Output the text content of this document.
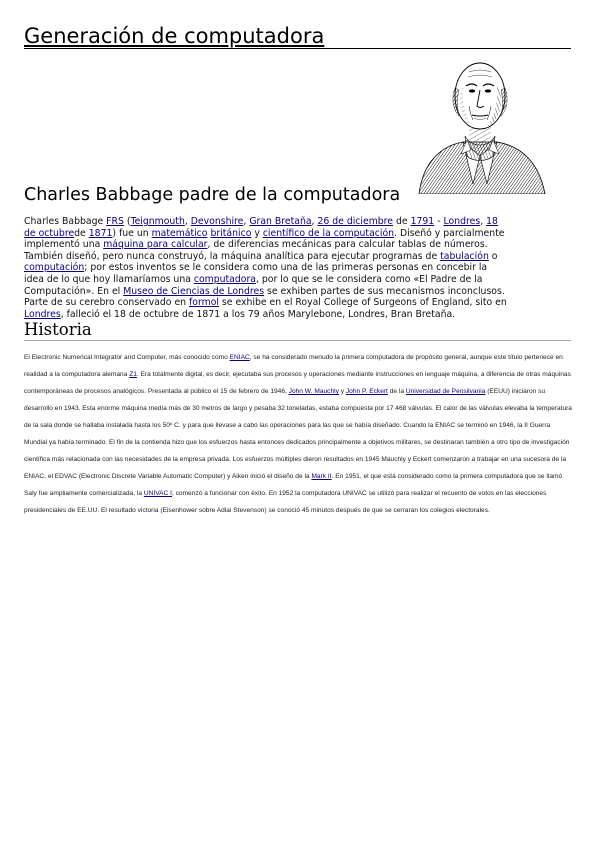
Generación de computadora
Charles Babbage padre de la computadora
Charles Babbage FRS (Teignmouth, Devonshire, Gran Bretaña, 26 de diciembre de 1791 - Londres, 18 de octubrede 1871) fue un matemático británico y científico de la computación. Diseñó y parcialmente implementó una máquina para calcular, de diferencias mecánicas para calcular tablas de números. También diseñó, pero nunca construyó, la máquina analítica para ejecutar programas de tabulación o computación; por estos inventos se le considera como una de las primeras personas en concebir la idea de lo que hoy llamaríamos una computadora, por lo que se le considera como «El Padre de la Computación». En el Museo de Ciencias de Londres se exhiben partes de sus mecanismos inconclusos. Parte de su cerebro conservado en formol se exhibe en el Royal College of Surgeons of England, sito en Londres, falleció el 18 de octubre de 1871 a los 79 años Marylebone, Londres, Bran Bretaña.
Historia
El Electronic Numerical Integrator and Computer, más conocido como ENIAC, se ha considerado menudo la primera computadora de propósito general, aunque este título pertenece en realidad a la computadora alemana Z1. Era totalmente digital, es decir, ejecutaba sus procesos y operaciones mediante instrucciones en lenguaje máquina, a diferencia de otras máquinas contemporáneas de procesos analógicos. Presentada al público el 15 de febrero de 1946, John W. Mauchly y John P. Eckert de la Universidad de Pensilvania (EEUU) iniciaron su desarrollo en 1943. Esta enorme máquina medía más de 30 metros de largo y pesaba 32 toneladas, estaba compuesta por 17 468 válvulas. El calor de las válvulas elevaba la temperatura de la sala donde se hallaba instalada hasta los 50º C. y para que llevase a cabo las operaciones para las que se había diseñado. Cuando la ENIAC se terminó en 1946, la II Guerra Mundial ya había terminado. El fin de la contienda hizo que los esfuerzos hasta entonces dedicados principalmente a objetivos militares, se destinaran también a otro tipo de investigación científica más relacionada con las necesidades de la empresa privada. Los esfuerzos múltiples dieron resultados en 1945 Mauchly y Eckert comenzaron a trabajar en una sucesora de la ENIAC, el EDVAC (Electronic Discrete Variable Automatic Computer) y Aiken inició el diseño de la Mark II. En 1951, el que está considerado como la primera computadora que se llamó Saly fue ampliamente comercializada, la UNIVAC I, comenzó a funcionar con éxito. En 1952 la computadora UNIVAC se utilizó para realizar el recuento de votos en las elecciones presidenciales de EE.UU. El resultado victoria (Eisenhower sobre Adlai Stevenson) se conoció 45 minutos después de que se cerraran los colegios electorales.
